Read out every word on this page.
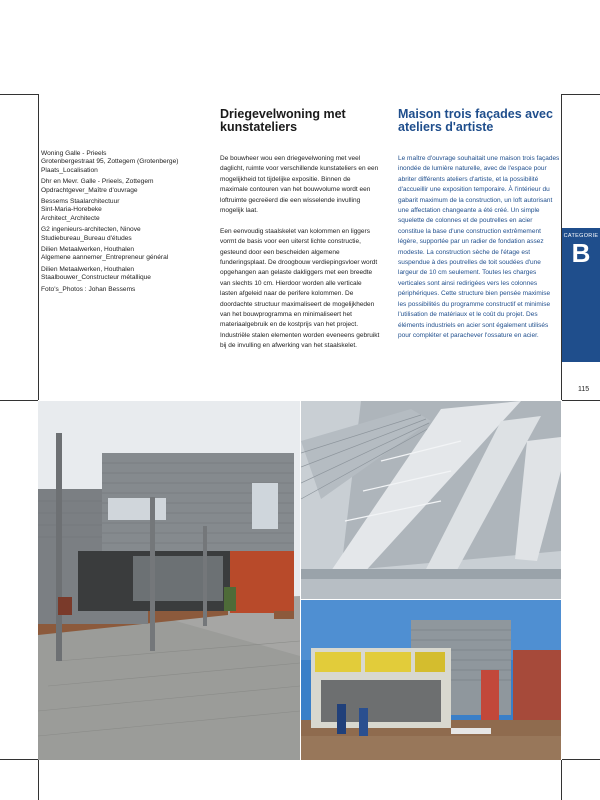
Woning Galle - Prieels
Grotenbergestraat 95, Zottegem (Grotenberge)
Plaats_Localisation
Dhr en Mevr. Galle - Prieels, Zottegem
Opdrachtgever_Maître d'ouvrage
Bessems Staalarchitectuur
Sint-Maria-Horebeke
Architect_Architecte
G2 ingenieurs-architecten, Ninove
Studiebureau_Bureau d'études
Dilien Metaalwerken, Houthalen
Algemene aannemer_Entrepreneur général
Dilien Metaalwerken, Houthalen
Staalbouwer_Constructeur métallique
Foto's_Photos : Johan Bessems
Driegevelwoning met
kunstateliers

De bouwheer wou een driegevelwoning met veel daglicht, ruimte voor verschillende kunstateliers en een mogelijkheid tot tijdelijke expositie. Binnen de maximale contouren van het bouwvolume wordt een loftruimte gecreëerd die een wisselende invulling mogelijk laat.

Een eenvoudig staalskelet van kolommen en liggers vormt de basis voor een uiterst lichte constructie, gesteund door een bescheiden algemene funderingsplaat. De droogbouw verdiepingsvloer wordt opgehangen aan gelaste dakliggers met een breedte van slechts 10 cm. Hierdoor worden alle verticale lasten afgeleid naar de perifere kolommen. De doordachte structuur maximaliseert de mogelijkheden van het bouwprogramma en minimaliseert het materiaalgebruik en de kostprijs van het project. Industriële stalen elementen worden eveneens gebruikt bij de invulling en afwerking van het staalskelet.

Maison trois façades avec
ateliers d'artiste
Le maître d'ouvrage souhaitait une maison trois façades inondée de lumière naturelle, avec de l'espace pour abriter différents ateliers d'artiste, et la possibilité d'accueillir une exposition temporaire. À l'intérieur du gabarit maximum de la construction, un loft autorisant une affectation changeante a été créé. Un simple squelette de colonnes et de poutrelles en acier constitue la base d'une construction extrêmement légère, supportée par un radier de fondation assez modeste. La construction sèche de l'étage est suspendue à des poutrelles de toit soudées d'une largeur de 10 cm seulement. Toutes les charges verticales sont ainsi redirigées vers les colonnes périphériques. Cette structure bien pensée maximise les possibilités du programme constructif et minimise l'utilisation de matériaux et le coût du projet. Des éléments industriels en acier sont également utilisés pour compléter et parachever l'ossature en acier.
CATEGORIE
B
115
